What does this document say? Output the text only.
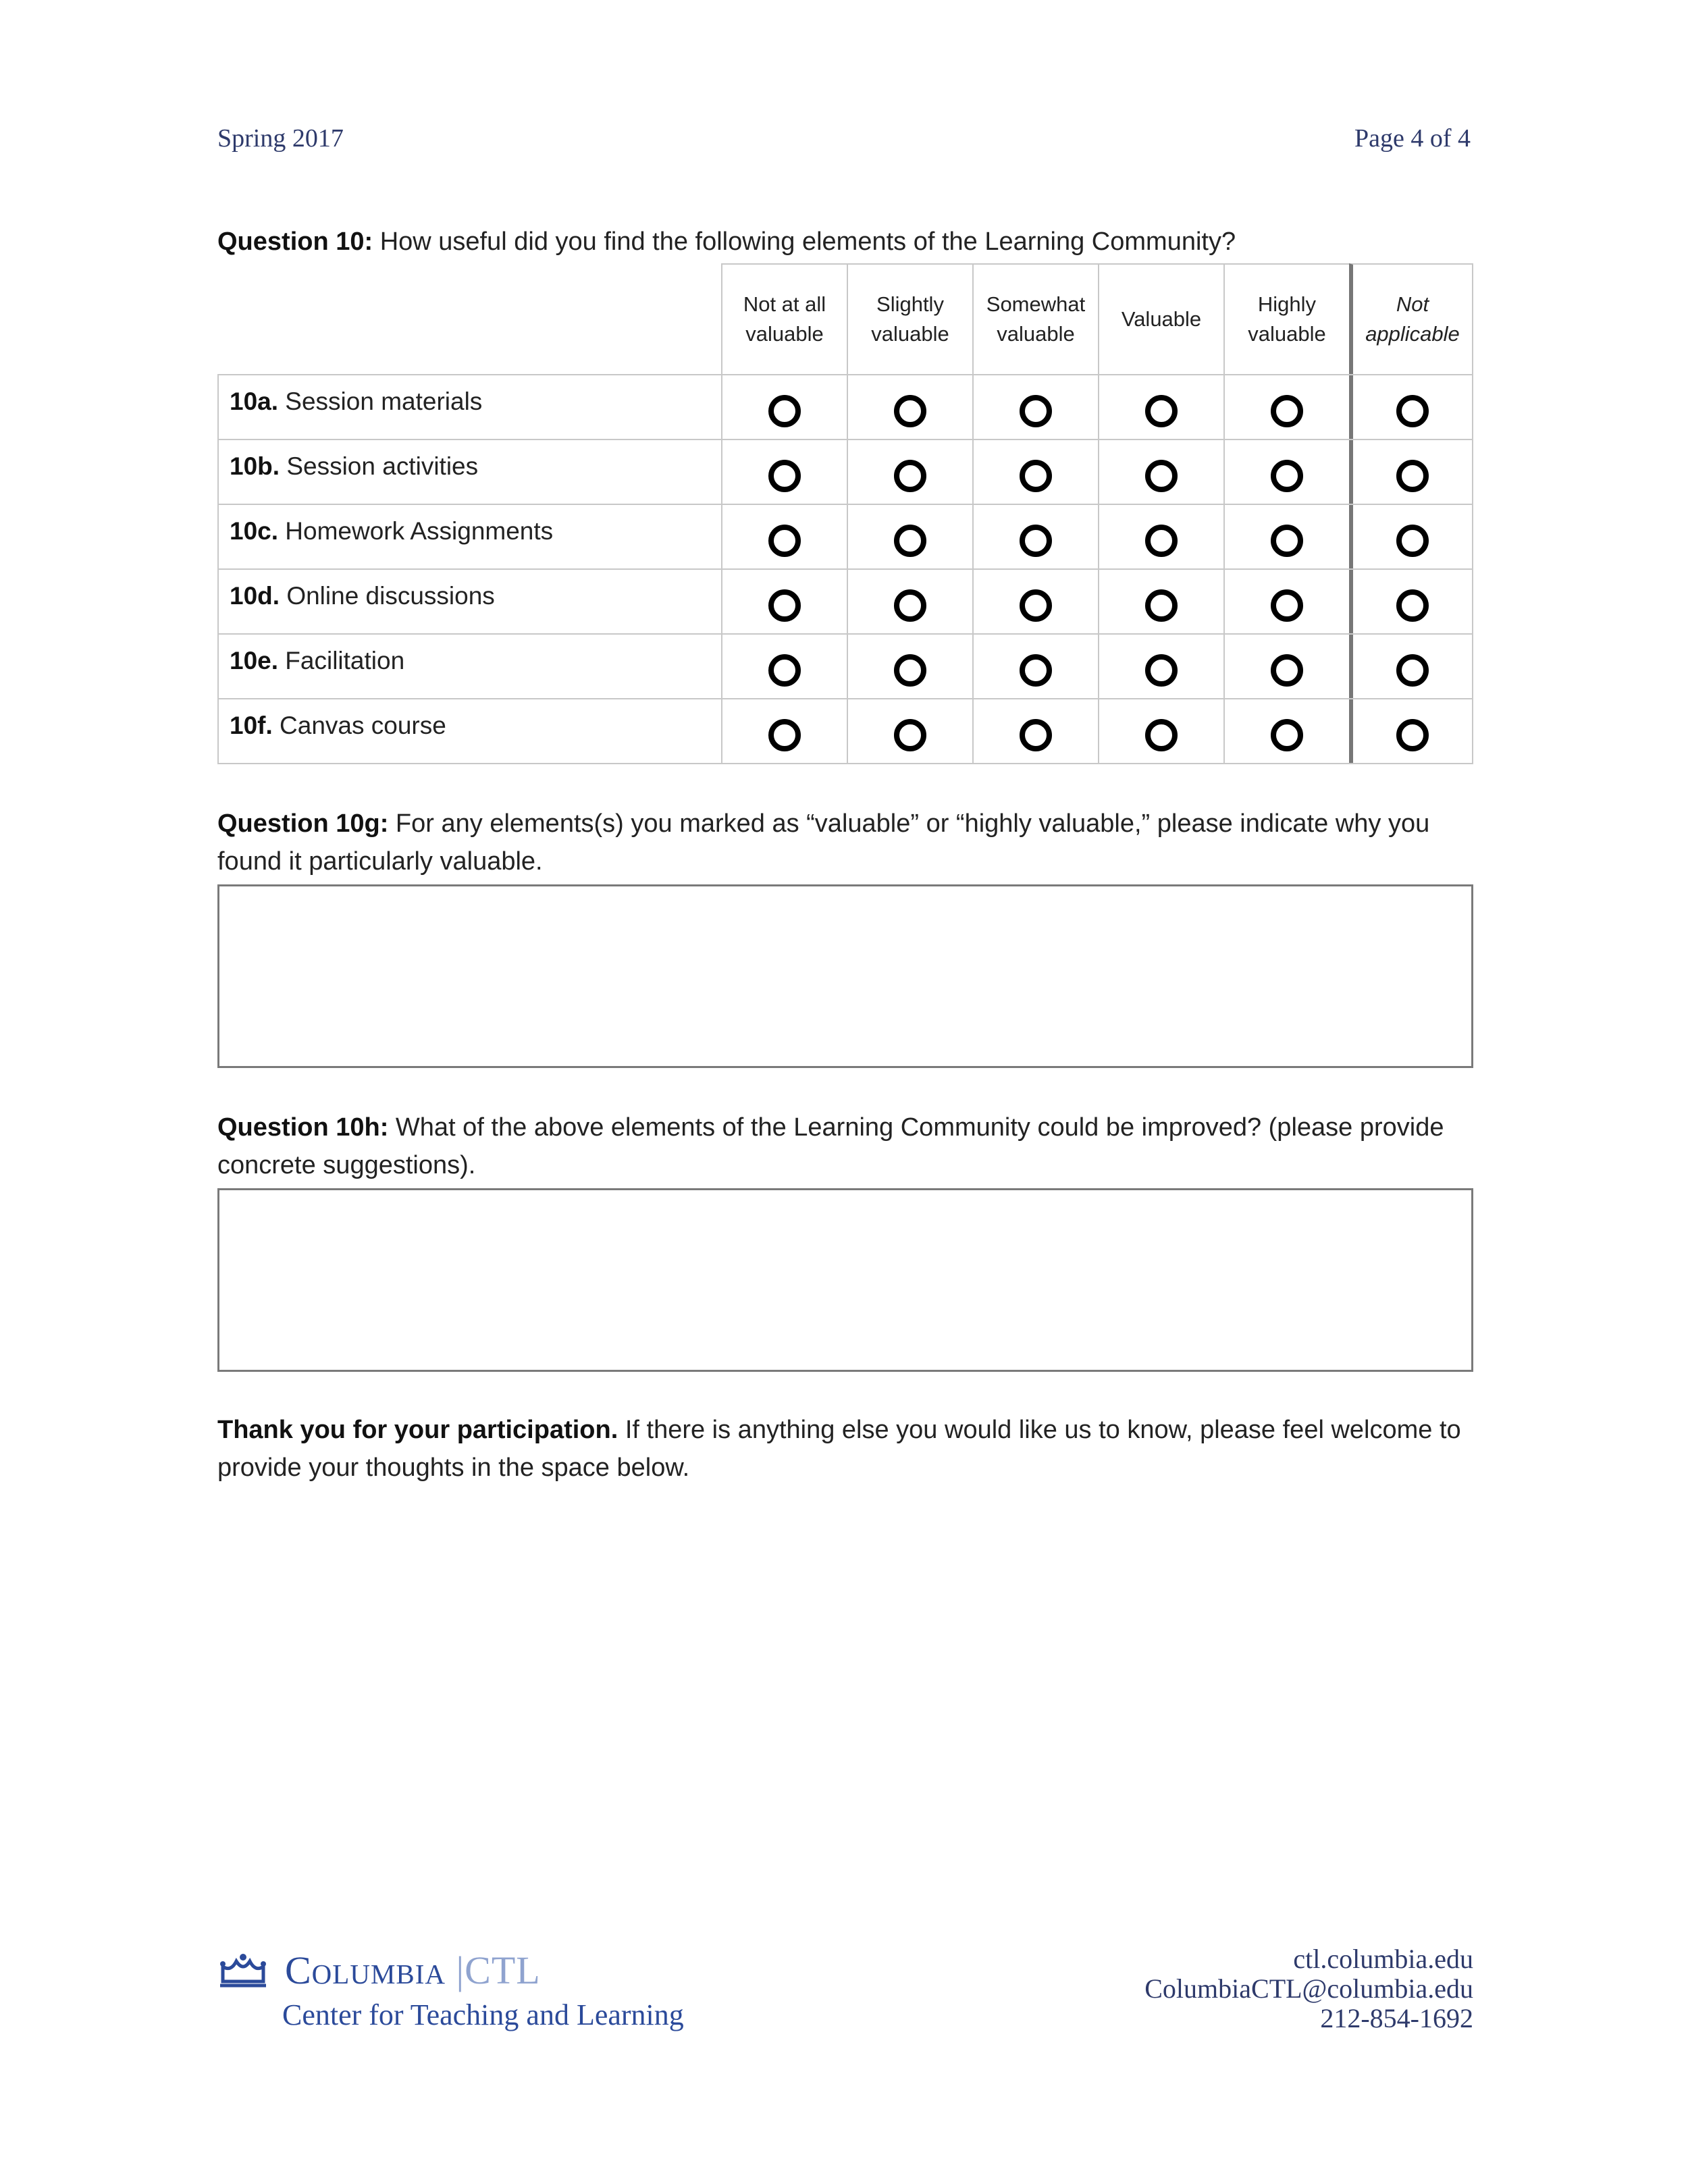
Spring 2017	Page 4 of 4
Question 10: How useful did you find the following elements of the Learning Community?
Not at all
valuable
Slightly
valuable
Somewhat
valuable
Valuable
Highly
valuable
Not
applicable
10a. Session materials
10b. Session activities
10c. Homework Assignments
10d. Online discussions
10e. Facilitation
10f. Canvas course
Question 10g: For any elements(s) you marked as “valuable” or “highly valuable,” please indicate why you found it particularly valuable.
Question 10h: What of the above elements of the Learning Community could be improved? (please provide concrete suggestions).
Thank you for your participation. If there is anything else you would like us to know, please feel welcome to provide your thoughts in the space below.
Columbia |CTL
Center for Teaching and Learning
ctl.columbia.edu
ColumbiaCTL@columbia.edu
212-854-1692
